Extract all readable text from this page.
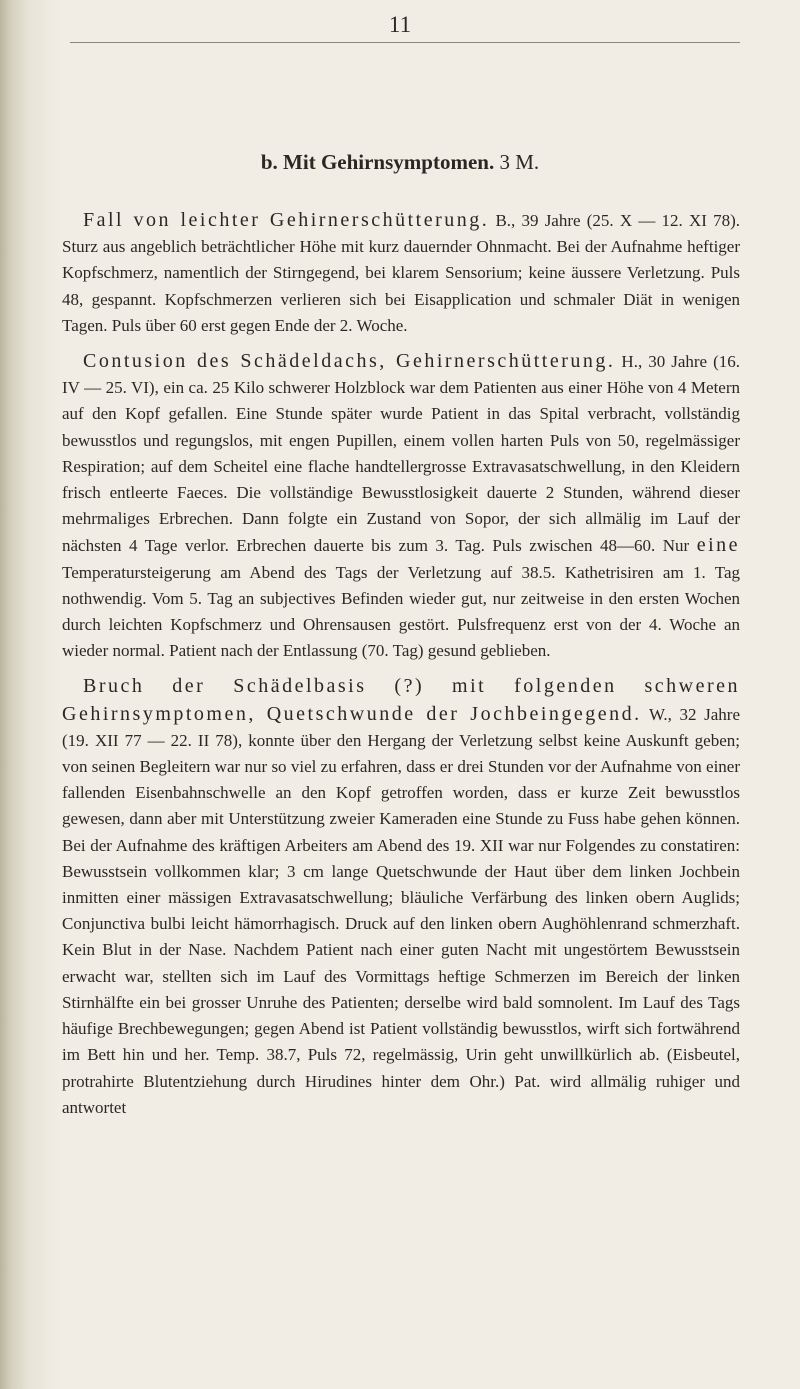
11
b. Mit Gehirnsymptomen. 3 M.

Fall von leichter Gehirnerschütterung. B., 39 Jahre (25. X — 12. XI 78). Sturz aus angeblich beträchtlicher Höhe mit kurz dauernder Ohnmacht. Bei der Aufnahme heftiger Kopfschmerz, namentlich der Stirngegend, bei klarem Sensorium; keine äussere Verletzung. Puls 48, gespannt. Kopfschmerzen verlieren sich bei Eisapplication und schmaler Diät in wenigen Tagen. Puls über 60 erst gegen Ende der 2. Woche.

Contusion des Schädeldachs, Gehirnerschütterung. H., 30 Jahre (16. IV — 25. VI), ein ca. 25 Kilo schwerer Holzblock war dem Patienten aus einer Höhe von 4 Metern auf den Kopf gefallen. Eine Stunde später wurde Patient in das Spital verbracht, vollständig bewusstlos und regungslos, mit engen Pupillen, einem vollen harten Puls von 50, regelmässiger Respiration; auf dem Scheitel eine flache handtellergrosse Extravasatschwellung, in den Kleidern frisch entleerte Faeces. Die vollständige Bewusstlosigkeit dauerte 2 Stunden, während dieser mehrmaliges Erbrechen. Dann folgte ein Zustand von Sopor, der sich allmälig im Lauf der nächsten 4 Tage verlor. Erbrechen dauerte bis zum 3. Tag. Puls zwischen 48—60. Nur eine Temperatursteigerung am Abend des Tags der Verletzung auf 38.5. Kathetrisiren am 1. Tag nothwendig. Vom 5. Tag an subjectives Befinden wieder gut, nur zeitweise in den ersten Wochen durch leichten Kopfschmerz und Ohrensausen gestört. Pulsfrequenz erst von der 4. Woche an wieder normal. Patient nach der Entlassung (70. Tag) gesund geblieben.

Bruch der Schädelbasis (?) mit folgenden schweren Gehirnsymptomen, Quetschwunde der Jochbeingegend. W., 32 Jahre (19. XII 77 — 22. II 78), konnte über den Hergang der Verletzung selbst keine Auskunft geben; von seinen Begleitern war nur so viel zu erfahren, dass er drei Stunden vor der Aufnahme von einer fallenden Eisenbahnschwelle an den Kopf getroffen worden, dass er kurze Zeit bewusstlos gewesen, dann aber mit Unterstützung zweier Kameraden eine Stunde zu Fuss habe gehen können. Bei der Aufnahme des kräftigen Arbeiters am Abend des 19. XII war nur Folgendes zu constatiren: Bewusstsein vollkommen klar; 3 cm lange Quetschwunde der Haut über dem linken Jochbein inmitten einer mässigen Extravasatschwellung; bläuliche Verfärbung des linken obern Auglids; Conjunctiva bulbi leicht hämorrhagisch. Druck auf den linken obern Aughöhlenrand schmerzhaft. Kein Blut in der Nase. Nachdem Patient nach einer guten Nacht mit ungestörtem Bewusstsein erwacht war, stellten sich im Lauf des Vormittags heftige Schmerzen im Bereich der linken Stirnhälfte ein bei grosser Unruhe des Patienten; derselbe wird bald somnolent. Im Lauf des Tags häufige Brechbewegungen; gegen Abend ist Patient vollständig bewusstlos, wirft sich fortwährend im Bett hin und her. Temp. 38.7, Puls 72, regelmässig, Urin geht unwillkürlich ab. (Eisbeutel, protrahirte Blutentziehung durch Hirudines hinter dem Ohr.) Pat. wird allmälig ruhiger und antwortet
